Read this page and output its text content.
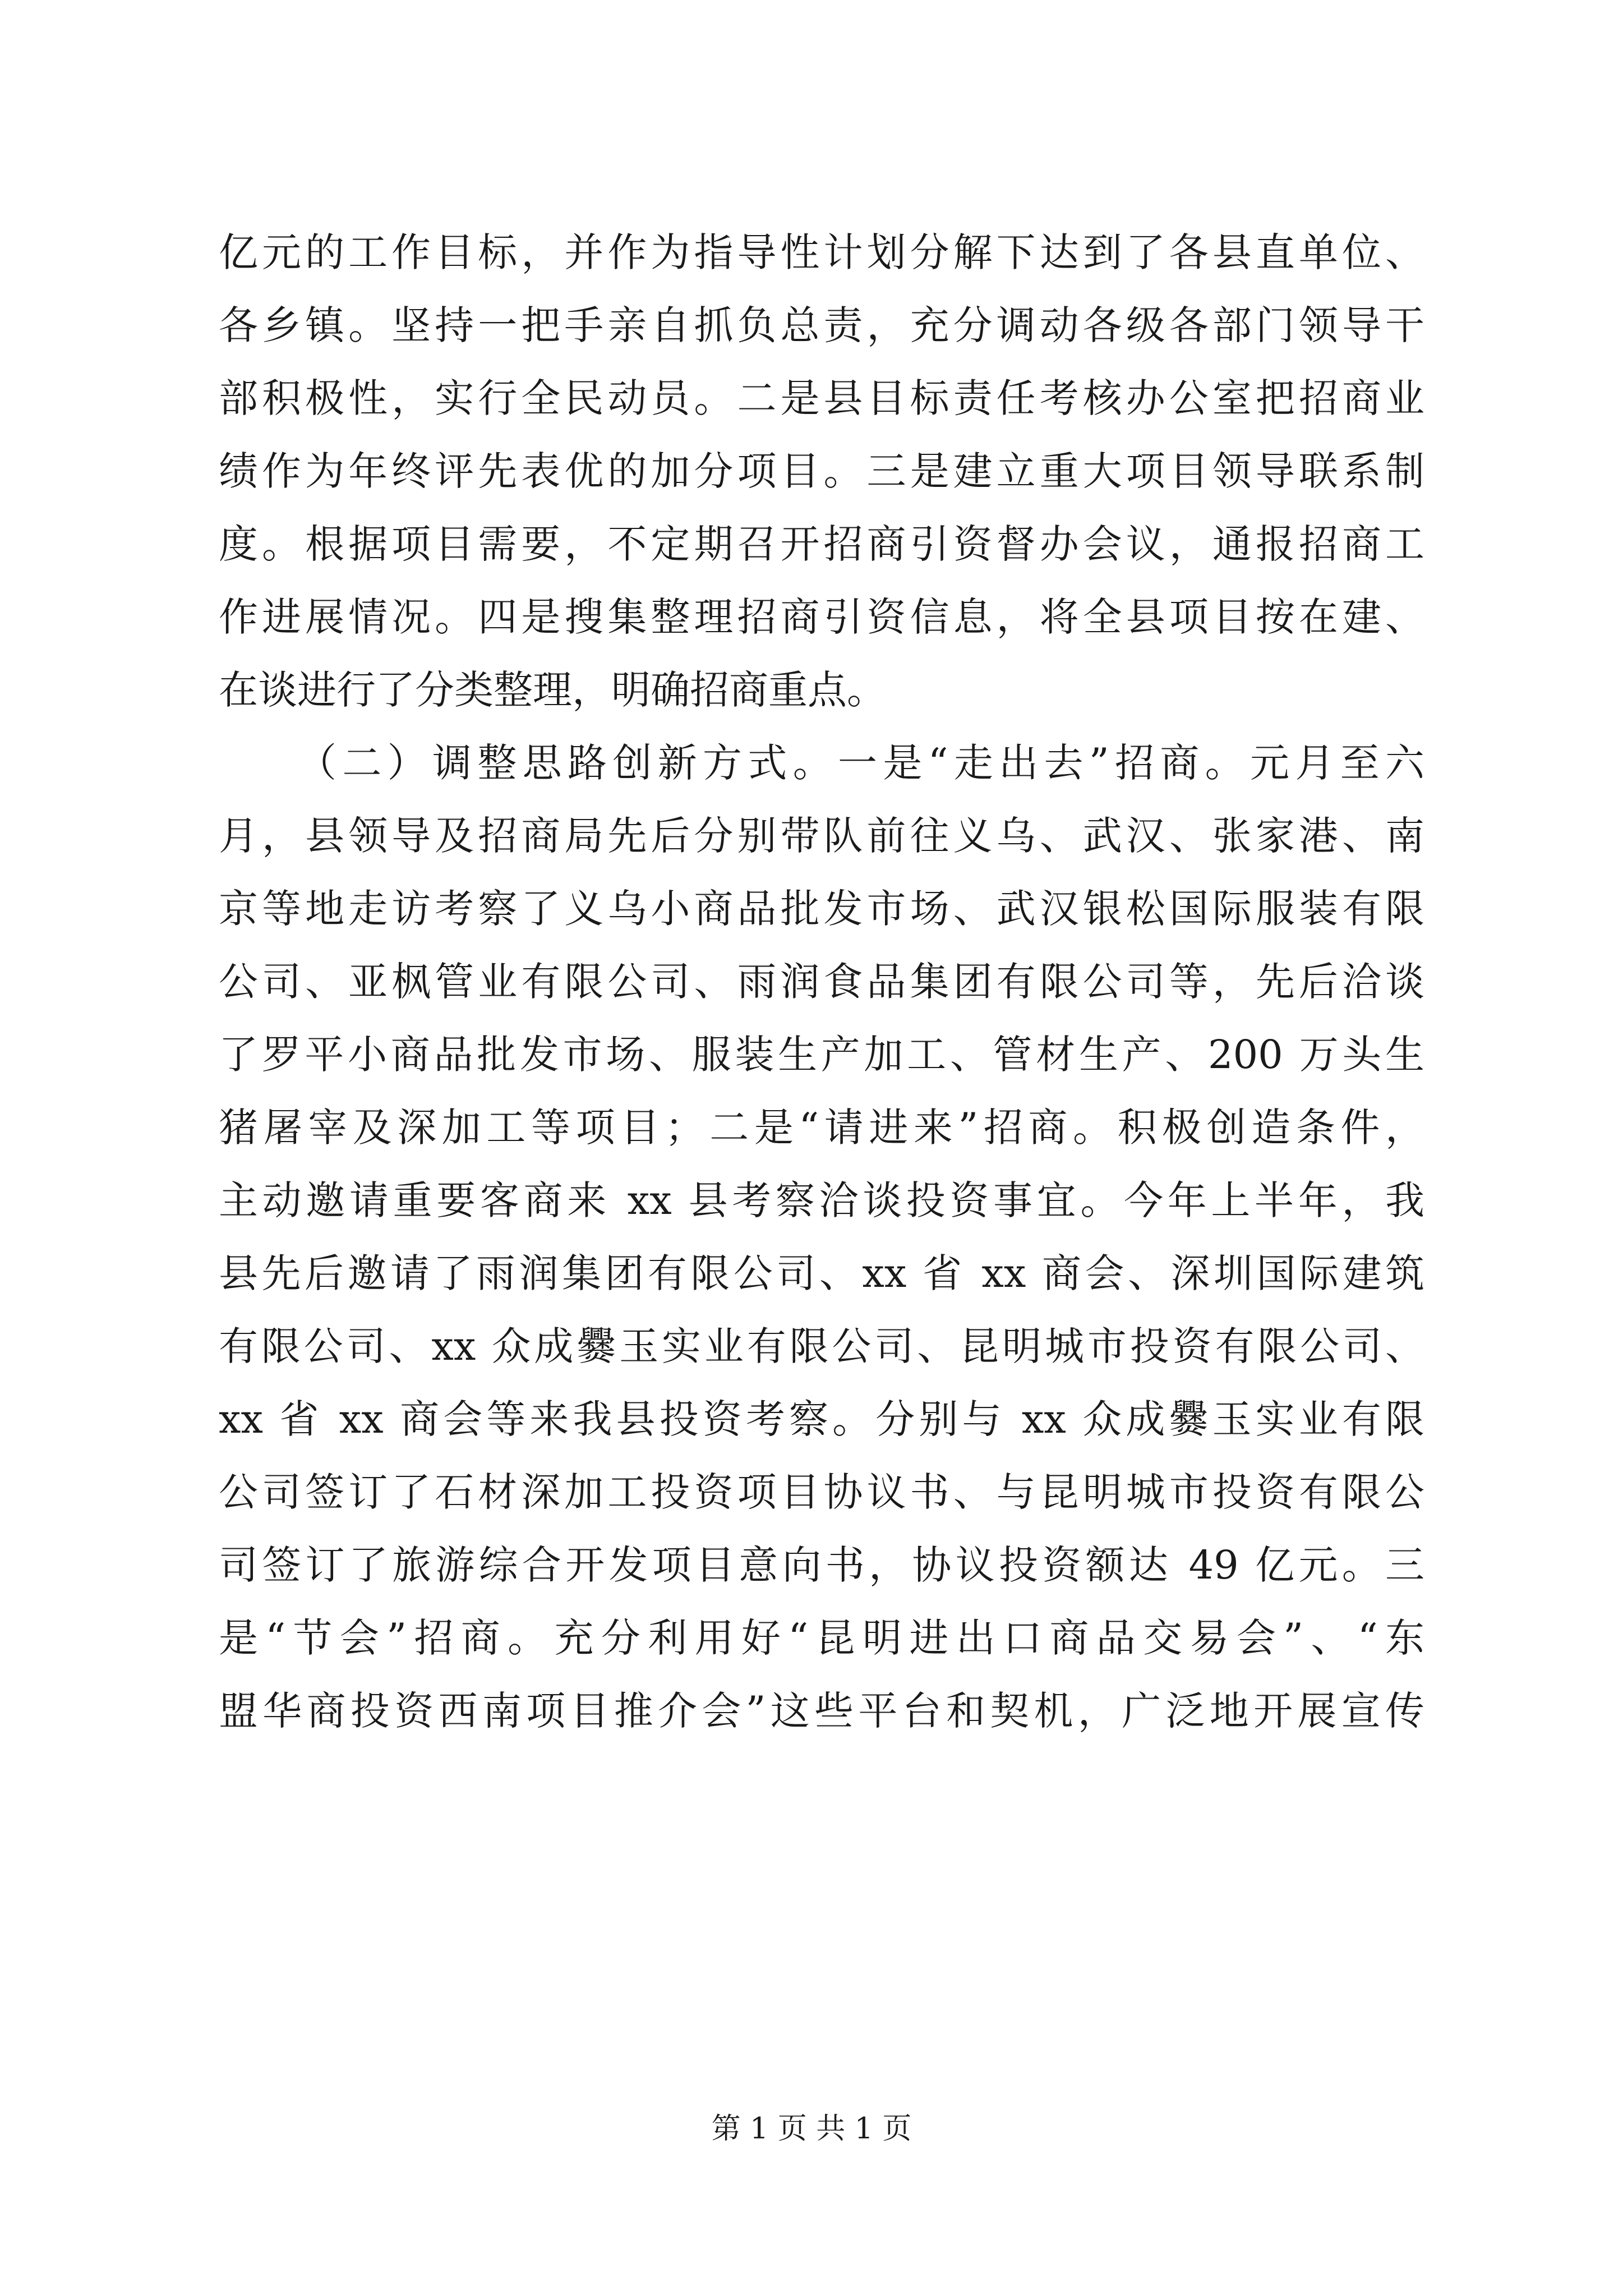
亿元的工作目标，并作为指导性计划分解下达到了各县直单位、
各乡镇。坚持一把手亲自抓负总责，充分调动各级各部门领导干
部积极性，实行全民动员。二是县目标责任考核办公室把招商业
绩作为年终评先表优的加分项目。三是建立重大项目领导联系制
度。根据项目需要，不定期召开招商引资督办会议，通报招商工
作进展情况。四是搜集整理招商引资信息，将全县项目按在建、
在谈进行了分类整理，明确招商重点。
（二）调整思路创新方式。一是“走出去”招商。元月至六
月，县领导及招商局先后分别带队前往义乌、武汉、张家港、南
京等地走访考察了义乌小商品批发市场、武汉银松国际服装有限
公司、亚枫管业有限公司、雨润食品集团有限公司等，先后洽谈
了罗平小商品批发市场、服装生产加工、管材生产、200 万头生
猪屠宰及深加工等项目；二是“请进来”招商。积极创造条件，
主动邀请重要客商来 xx 县考察洽谈投资事宜。今年上半年，我
县先后邀请了雨润集团有限公司、xx 省 xx 商会、深圳国际建筑
有限公司、xx 众成爨玉实业有限公司、昆明城市投资有限公司、
xx 省 xx 商会等来我县投资考察。分别与 xx 众成爨玉实业有限
公司签订了石材深加工投资项目协议书、与昆明城市投资有限公
司签订了旅游综合开发项目意向书，协议投资额达 49 亿元。三
是“节会”招商。充分利用好“昆明进出口商品交易会”、“东
盟华商投资西南项目推介会”这些平台和契机，广泛地开展宣传
第 1 页 共 1 页
